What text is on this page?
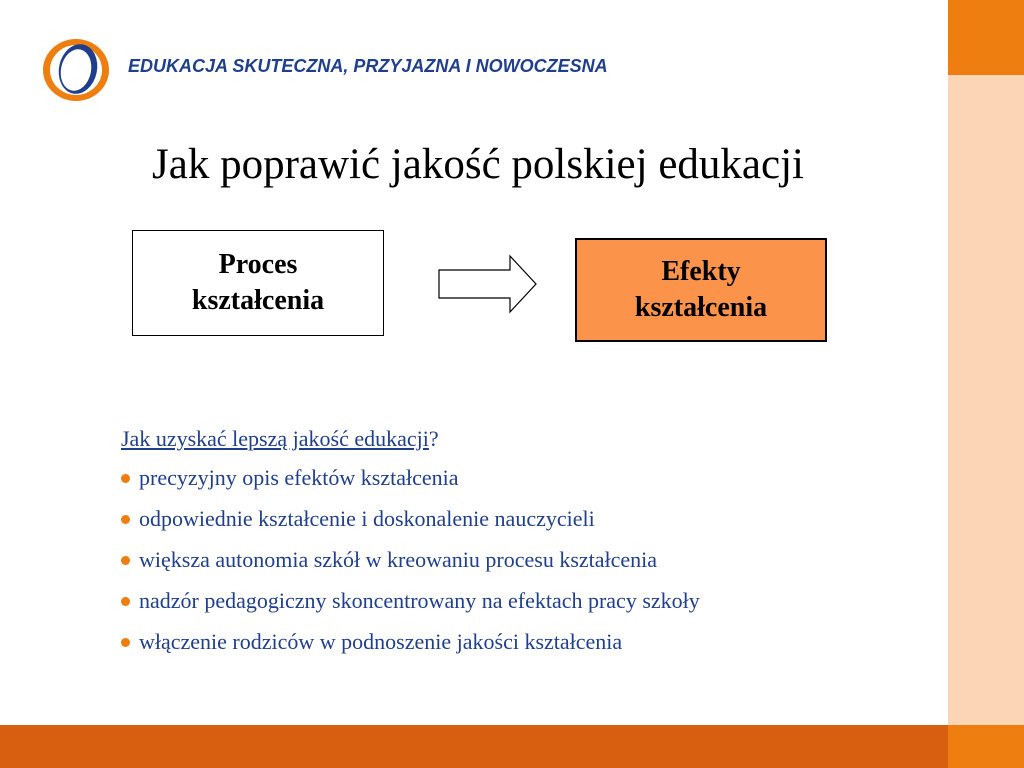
EDUKACJA SKUTECZNA, PRZYJAZNA I NOWOCZESNA
Jak poprawić jakość polskiej edukacji
Proces
kształcenia
Efekty
kształcenia
Jak uzyskać lepszą jakość edukacji?
precyzyjny opis efektów kształcenia
odpowiednie kształcenie i doskonalenie nauczycieli
większa autonomia szkół w kreowaniu procesu kształcenia
nadzór pedagogiczny skoncentrowany na efektach pracy szkoły
włączenie rodziców w podnoszenie jakości kształcenia
